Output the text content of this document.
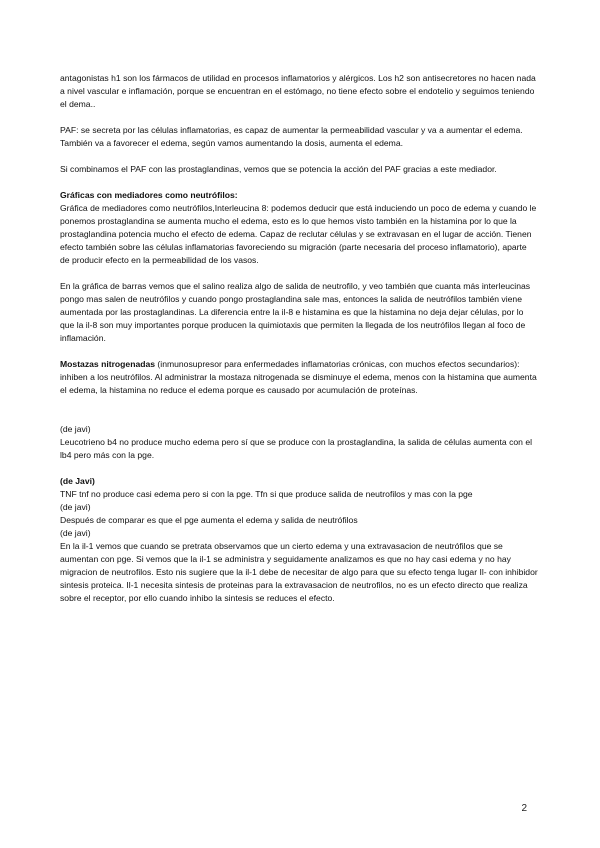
antagonistas h1 son los fármacos de utilidad en procesos inflamatorios y alérgicos. Los h2 son antisecretores no hacen nada a nivel vascular e inflamación, porque se encuentran en el estómago, no tiene efecto sobre el endotelio y seguimos teniendo el dema..

PAF: se secreta por las células inflamatorias, es capaz de aumentar la permeabilidad vascular y va a aumentar el edema. También va a favorecer el edema, según vamos aumentando la dosis, aumenta el edema.

Si combinamos el PAF con las prostaglandinas, vemos que se potencia la acción del PAF gracias a este mediador.

Gráficas con mediadores como neutrófilos:

Gráfica de mediadores como neutrófilos,Interleucina 8: podemos deducir que está induciendo un poco de edema y cuando le ponemos prostaglandina se aumenta mucho el edema, esto es lo que hemos visto también en la histamina por lo que la prostaglandina potencia mucho el efecto de edema. Capaz de reclutar células y se extravasan en el lugar de acción. Tienen efecto también sobre las células inflamatorias favoreciendo su migración (parte necesaria del proceso inflamatorio), aparte de producir efecto en la permeabilidad de los vasos.

En la gráfica de barras vemos que el salino realiza algo de salida de neutrofilo, y veo también que cuanta más interleucinas pongo mas salen de neutrófilos y cuando pongo prostaglandina sale mas, entonces la salida de neutrófilos también viene aumentada por las prostaglandinas. La diferencia entre la il-8 e histamina es que la histamina no deja dejar células, por lo que la il-8 son muy importantes porque producen la quimiotaxis que permiten la llegada de los neutrófilos llegan al foco de inflamación.

Mostazas nitrogenadas (inmunosupresor para enfermedades inflamatorias crónicas, con muchos efectos secundarios): inhiben a los neutrófilos. Al administrar la mostaza nitrogenada se disminuye el edema, menos con la histamina que aumenta el edema, la histamina no reduce el edema porque es causado por acumulación de proteínas.

(de javi)

Leucotrieno b4 no produce mucho edema pero sí que se produce con la prostaglandina, la salida de células aumenta con el lb4 pero más con la pge.

(de Javi)

TNF tnf no produce casi edema pero si con la pge. Tfn si que produce salida de neutrofilos y mas con la pge

(de javi)

Después de comparar es que el pge aumenta el edema y salida de neutrófilos

(de javi)

En la il-1 vemos que cuando se pretrata observamos que un cierto edema y una extravasacion de neutrófilos que se aumentan con pge. Si vemos que la il-1 se administra y seguidamente analizamos es que no hay casi edema y no hay migracion de neutrofilos. Esto nis sugiere que la il-1 debe de necesitar de algo para que su efecto tenga lugar Il- con inhibidor sintesis proteica. Il-1 necesita sintesis de proteinas para la extravasacion de neutrofilos, no es un efecto directo que realiza sobre el receptor, por ello cuando inhibo la sintesis se reduces el efecto.

2
